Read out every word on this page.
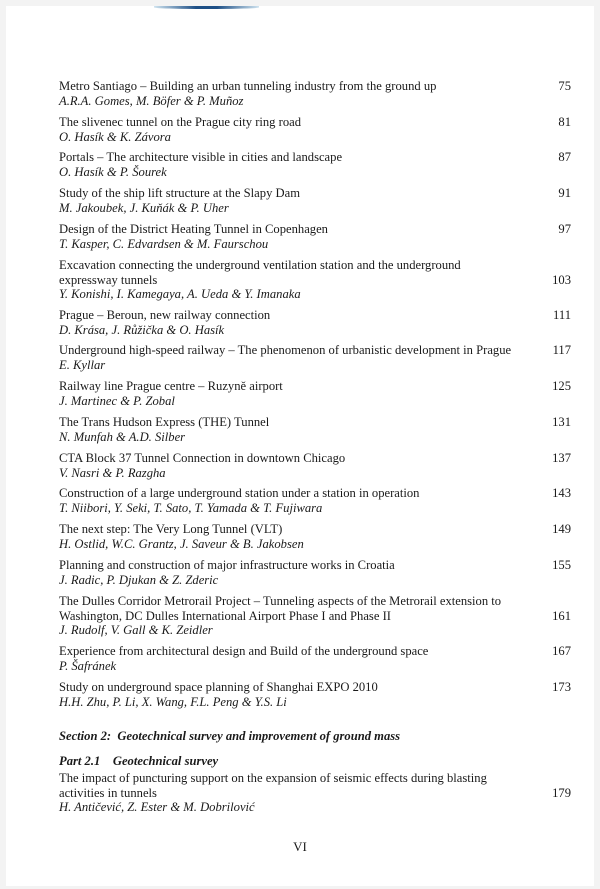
Metro Santiago – Building an urban tunneling industry from the ground up	75
A.R.A. Gomes, M. Böfer & P. Muñoz
The slivenec tunnel on the Prague city ring road	81
O. Hasík & K. Závora
Portals – The architecture visible in cities and landscape	87
O. Hasík & P. Šourek
Study of the ship lift structure at the Slapy Dam	91
M. Jakoubek, J. Kuňák & P. Uher
Design of the District Heating Tunnel in Copenhagen	97
T. Kasper, C. Edvardsen & M. Faurschou
Excavation connecting the underground ventilation station and the underground
expressway tunnels	103
Y. Konishi, I. Kamegaya, A. Ueda & Y. Imanaka
Prague – Beroun, new railway connection	111
D. Krása, J. Růžička & O. Hasík
Underground high-speed railway – The phenomenon of urbanistic development in Prague	117
E. Kyllar
Railway line Prague centre – Ruzyně airport	125
J. Martinec & P. Zobal
The Trans Hudson Express (THE) Tunnel	131
N. Munfah & A.D. Silber
CTA Block 37 Tunnel Connection in downtown Chicago	137
V. Nasri & P. Razgha
Construction of a large underground station under a station in operation	143
T. Niibori, Y. Seki, T. Sato, T. Yamada & T. Fujiwara
The next step: The Very Long Tunnel (VLT)	149
H. Ostlid, W.C. Grantz, J. Saveur & B. Jakobsen
Planning and construction of major infrastructure works in Croatia	155
J. Radic, P. Djukan & Z. Zderic
The Dulles Corridor Metrorail Project – Tunneling aspects of the Metrorail extension to
Washington, DC Dulles International Airport Phase I and Phase II	161
J. Rudolf, V. Gall & K. Zeidler
Experience from architectural design and Build of the underground space	167
P. Šafránek
Study on underground space planning of Shanghai EXPO 2010	173
H.H. Zhu, P. Li, X. Wang, F.L. Peng & Y.S. Li
Section 2:  Geotechnical survey and improvement of ground mass
Part 2.1    Geotechnical survey
The impact of puncturing support on the expansion of seismic effects during blasting
activities in tunnels	179
H. Antičević, Z. Ester & M. Dobrilović
VI
